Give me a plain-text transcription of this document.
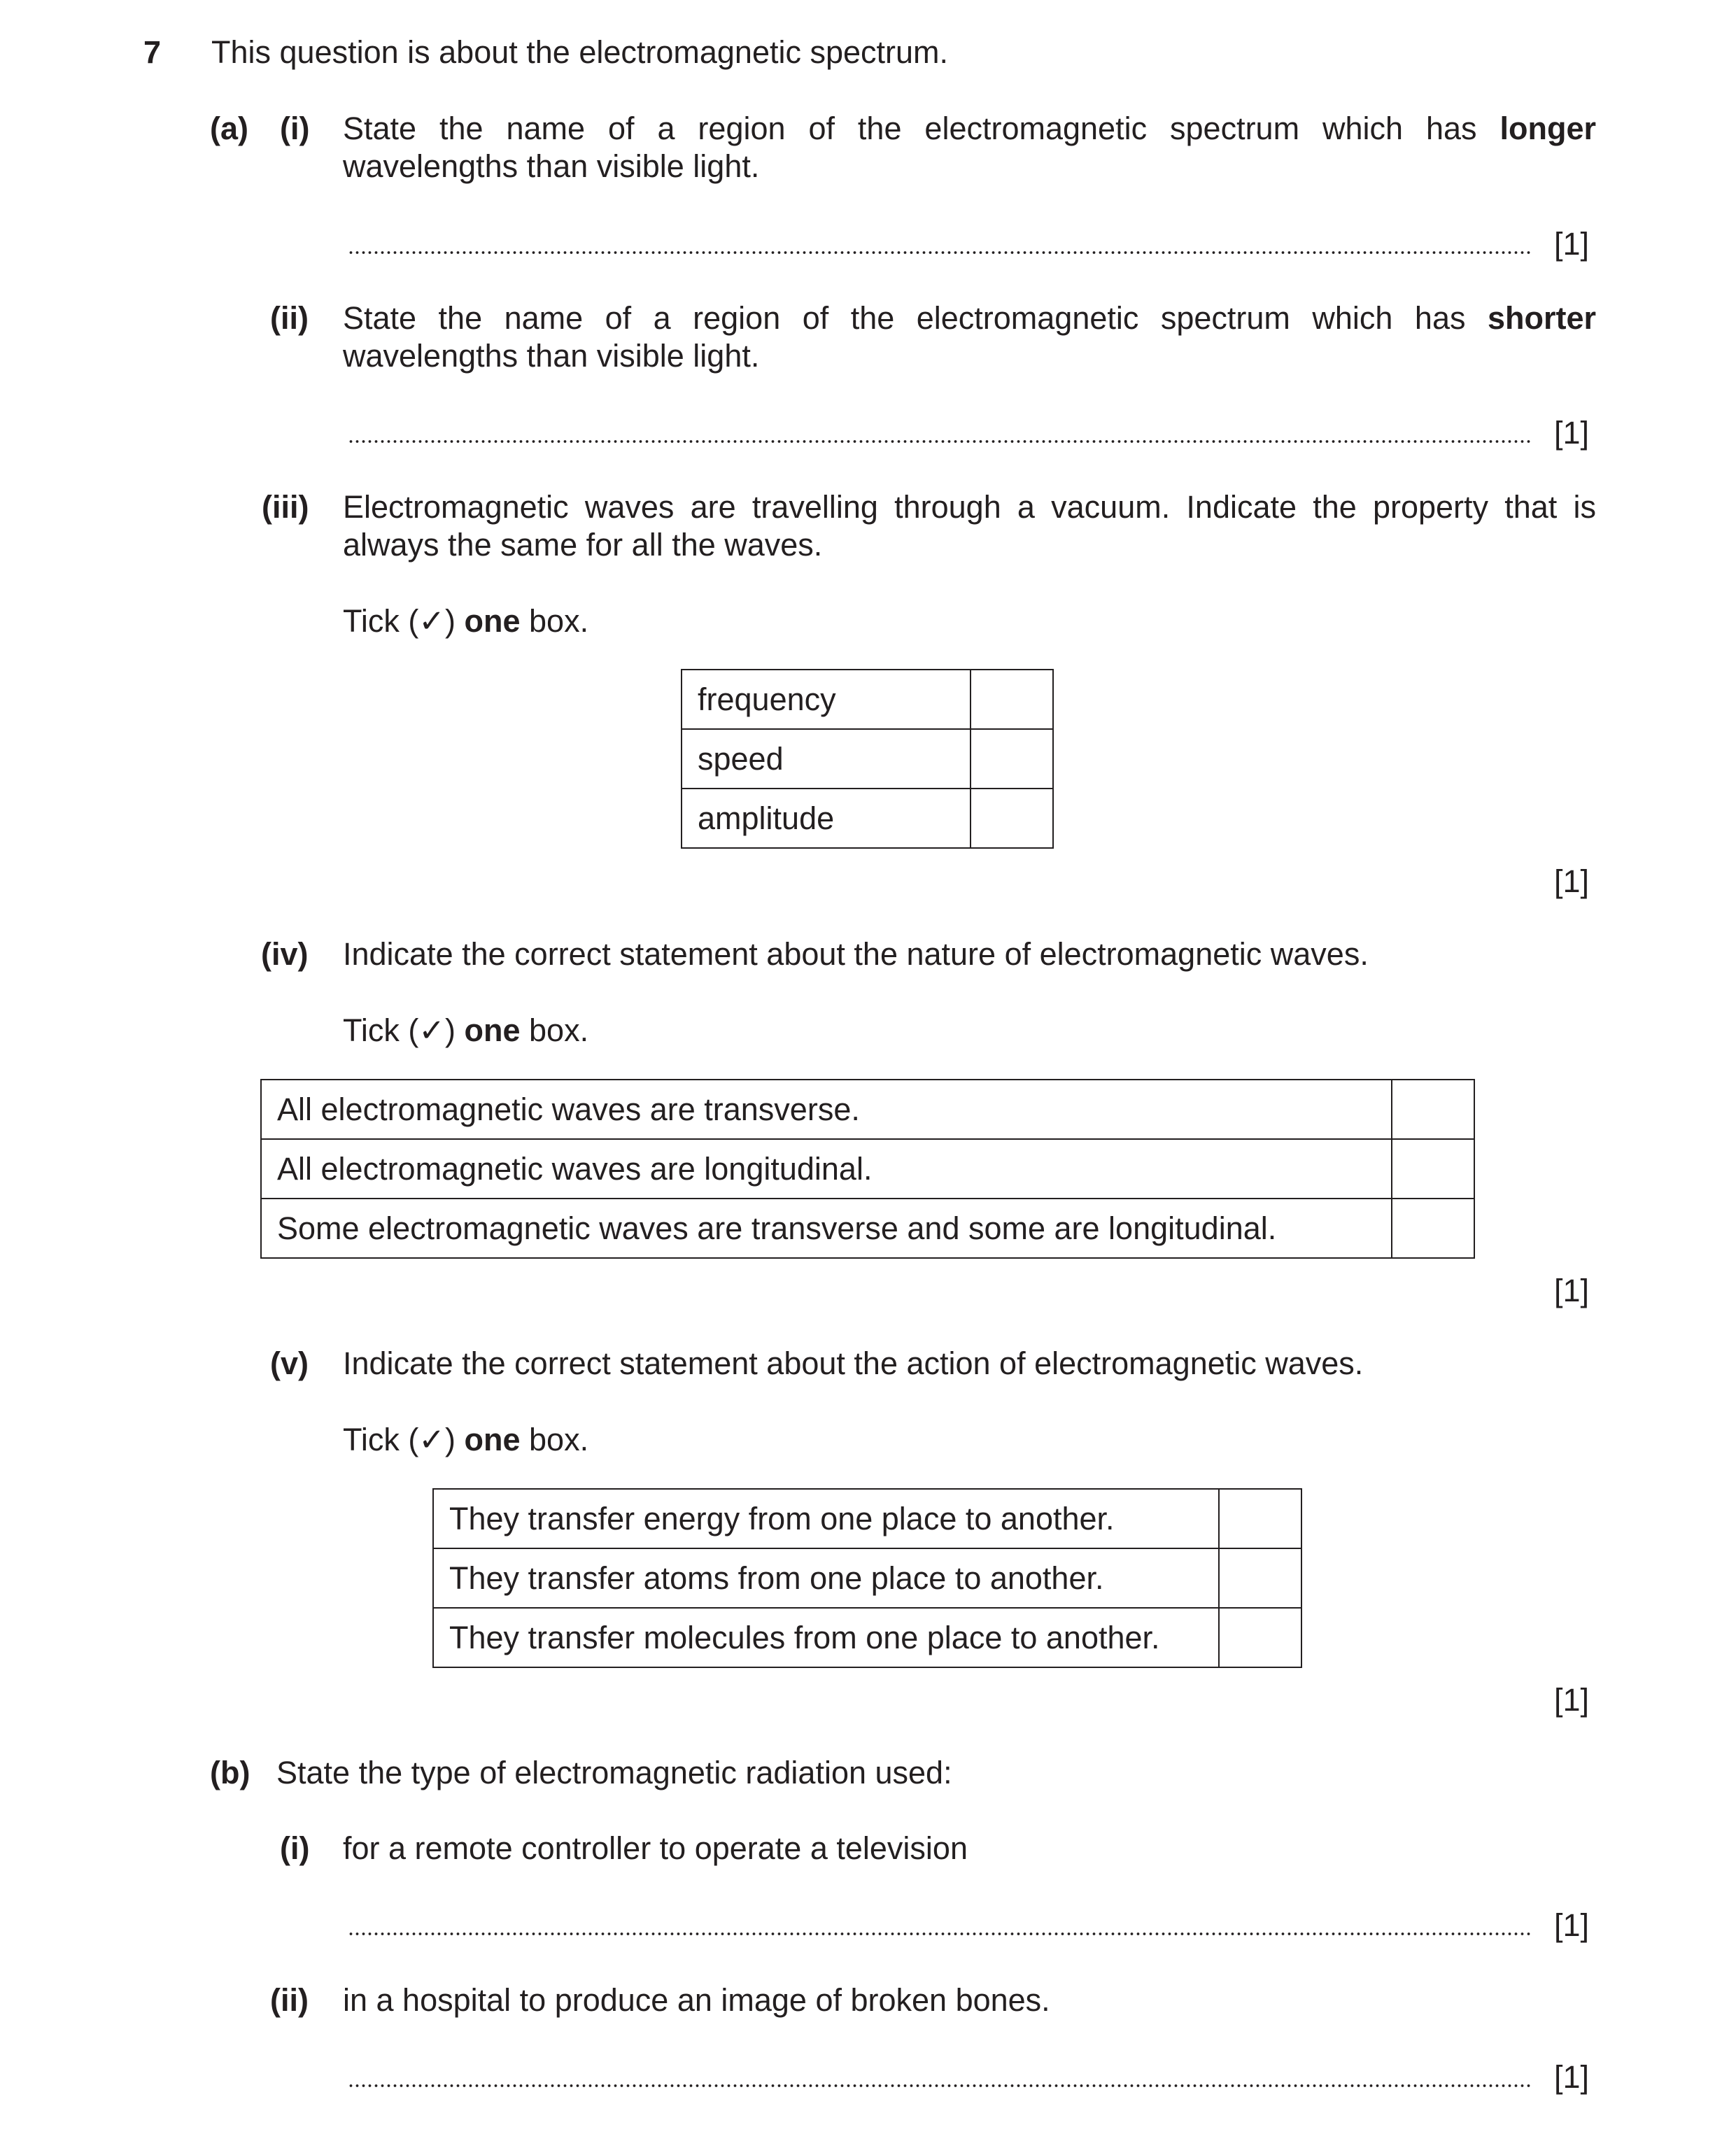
7 This question is about the electromagnetic spectrum.
(a) (i) State the name of a region of the electromagnetic spectrum which has longer wavelengths than visible light.
[1]
(ii) State the name of a region of the electromagnetic spectrum which has shorter wavelengths than visible light.
[1]
(iii) Electromagnetic waves are travelling through a vacuum. Indicate the property that is always the same for all the waves.
Tick (✓) one box.
frequency	
speed	
amplitude	
[1]
(iv) Indicate the correct statement about the nature of electromagnetic waves.
Tick (✓) one box.
All electromagnetic waves are transverse.	
All electromagnetic waves are longitudinal.	
Some electromagnetic waves are transverse and some are longitudinal.	
[1]
(v) Indicate the correct statement about the action of electromagnetic waves.
Tick (✓) one box.
They transfer energy from one place to another.	
They transfer atoms from one place to another.	
They transfer molecules from one place to another.	
[1]
(b) State the type of electromagnetic radiation used:
(i) for a remote controller to operate a television
[1]
(ii) in a hospital to produce an image of broken bones.
[1]
